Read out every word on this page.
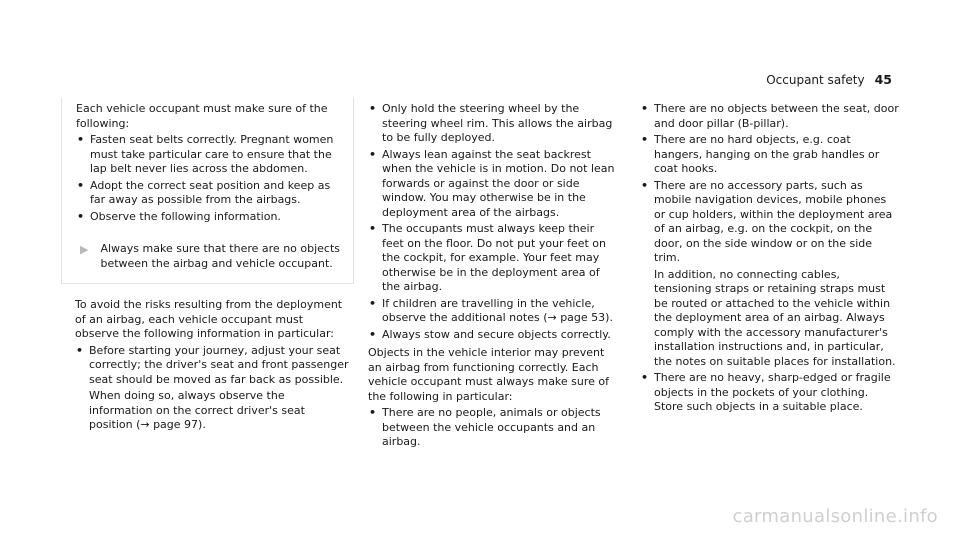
Occupant safety 45

Each vehicle occupant must make sure of the following:

• Fasten seat belts correctly. Pregnant women must take particular care to ensure that the lap belt never lies across the abdomen.
• Adopt the correct seat position and keep as far away as possible from the airbags.
• Observe the following information.
▶ Always make sure that there are no objects between the airbag and vehicle occupant.

To avoid the risks resulting from the deployment of an airbag, each vehicle occupant must observe the following information in particular:

• Before starting your journey, adjust your seat correctly; the driver's seat and front passenger seat should be moved as far back as possible.
When doing so, always observe the information on the correct driver's seat position (→ page 97).
• Only hold the steering wheel by the steering wheel rim. This allows the airbag to be fully deployed.
• Always lean against the seat backrest when the vehicle is in motion. Do not lean forwards or against the door or side window. You may otherwise be in the deployment area of the airbags.
• The occupants must always keep their feet on the floor. Do not put your feet on the cockpit, for example. Your feet may otherwise be in the deployment area of the airbag.
• If children are travelling in the vehicle, observe the additional notes (→ page 53).
• Always stow and secure objects correctly.

Objects in the vehicle interior may prevent an airbag from functioning correctly. Each vehicle occupant must always make sure of the following in particular:

• There are no people, animals or objects between the vehicle occupants and an airbag.
• There are no objects between the seat, door and door pillar (B-pillar).
• There are no hard objects, e.g. coat hangers, hanging on the grab handles or coat hooks.
• There are no accessory parts, such as mobile navigation devices, mobile phones or cup holders, within the deployment area of an airbag, e.g. on the cockpit, on the door, on the side window or on the side trim.
In addition, no connecting cables, tensioning straps or retaining straps must be routed or attached to the vehicle within the deployment area of an airbag. Always comply with the accessory manufacturer's installation instructions and, in particular, the notes on suitable places for installation.
• There are no heavy, sharp-edged or fragile objects in the pockets of your clothing. Store such objects in a suitable place.
carmanualsonline.info
